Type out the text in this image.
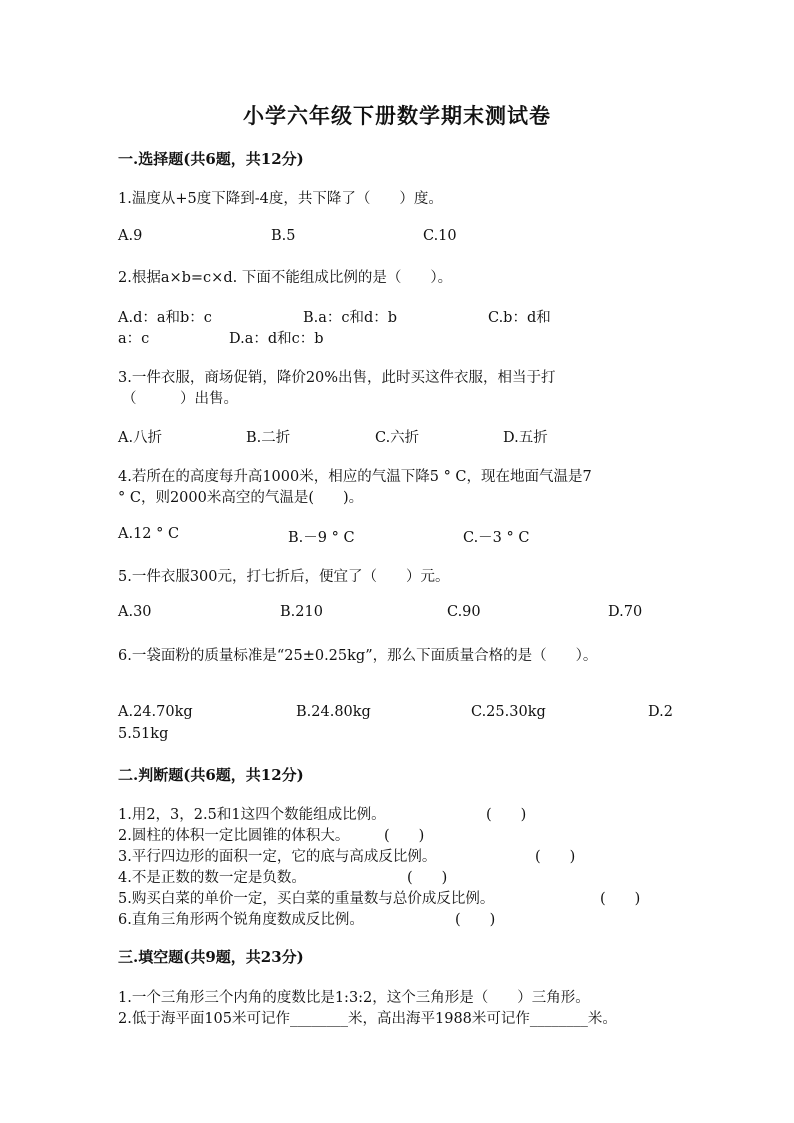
小学六年级下册数学期末测试卷
一.选择题(共6题，共12分)
1.温度从+5度下降到-4度，共下降了（　　）度。
A.9	B.5	C.10
2.根据a×b=c×d. 下面不能组成比例的是（　　）。
A.d：a和b：c	B.a：c和d：b	C.b：d和
a：c	D.a：d和c：b
3.一件衣服，商场促销，降价20%出售，此时买这件衣服，相当于打
（　　　）出售。
A.八折	B.二折	C.六折	D.五折
4.若所在的高度每升高1000米，相应的气温下降5 ° C，现在地面气温是7
° C，则2000米高空的气温是(　　)。
A.12 ° C	B.－9 ° C	C.－3 ° C
5.一件衣服300元，打七折后，便宜了（　　）元。
A.30	B.210	C.90	D.70
6.一袋面粉的质量标准是“25±0.25kg”，那么下面质量合格的是（　　）。
A.24.70kg	B.24.80kg	C.25.30kg	D.2
5.51kg
二.判断题(共6题，共12分)
1.用2，3，2.5和1这四个数能组成比例。	(　　)
2.圆柱的体积一定比圆锥的体积大。 (　　)
3.平行四边形的面积一定，它的底与高成反比例。	(　　)
4.不是正数的数一定是负数。	(　　)
5.购买白菜的单价一定，买白菜的重量数与总价成反比例。	(　　)
6.直角三角形两个锐角度数成反比例。	(　　)
三.填空题(共9题，共23分)
1.一个三角形三个内角的度数比是1:3:2，这个三角形是（　　）三角形。
2.低于海平面105米可记作________米，高出海平1988米可记作________米。
